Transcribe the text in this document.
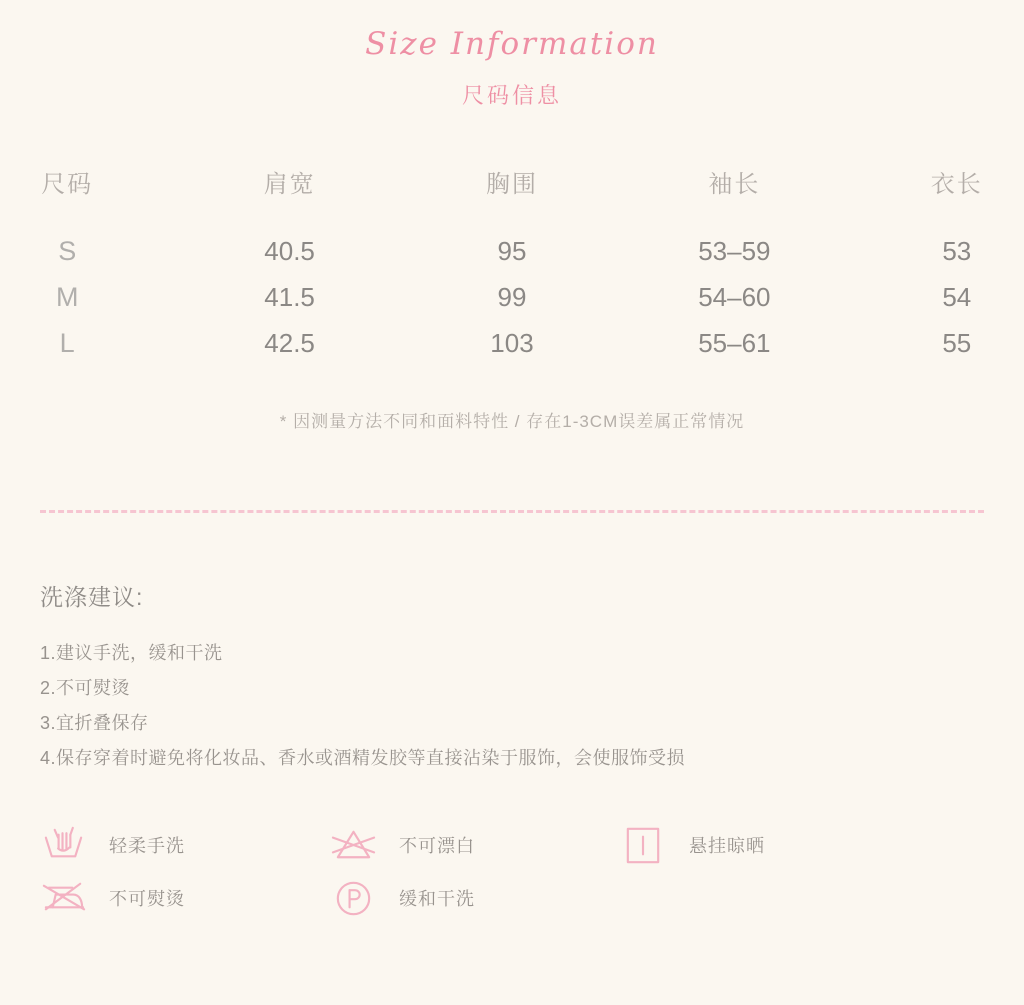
Size Information
尺码信息
尺码	肩宽	胸围	袖长	衣长
S	40.5	95	53–59	53
M	41.5	99	54–60	54
L	42.5	103	55–61	55
* 因测量方法不同和面料特性 / 存在1-3CM误差属正常情况
洗涤建议:
1.建议手洗，缓和干洗
2.不可熨烫
3.宜折叠保存
4.保存穿着时避免将化妆品、香水或酒精发胶等直接沾染于服饰，会使服饰受损
轻柔手洗	不可漂白	悬挂晾晒
不可熨烫	缓和干洗
